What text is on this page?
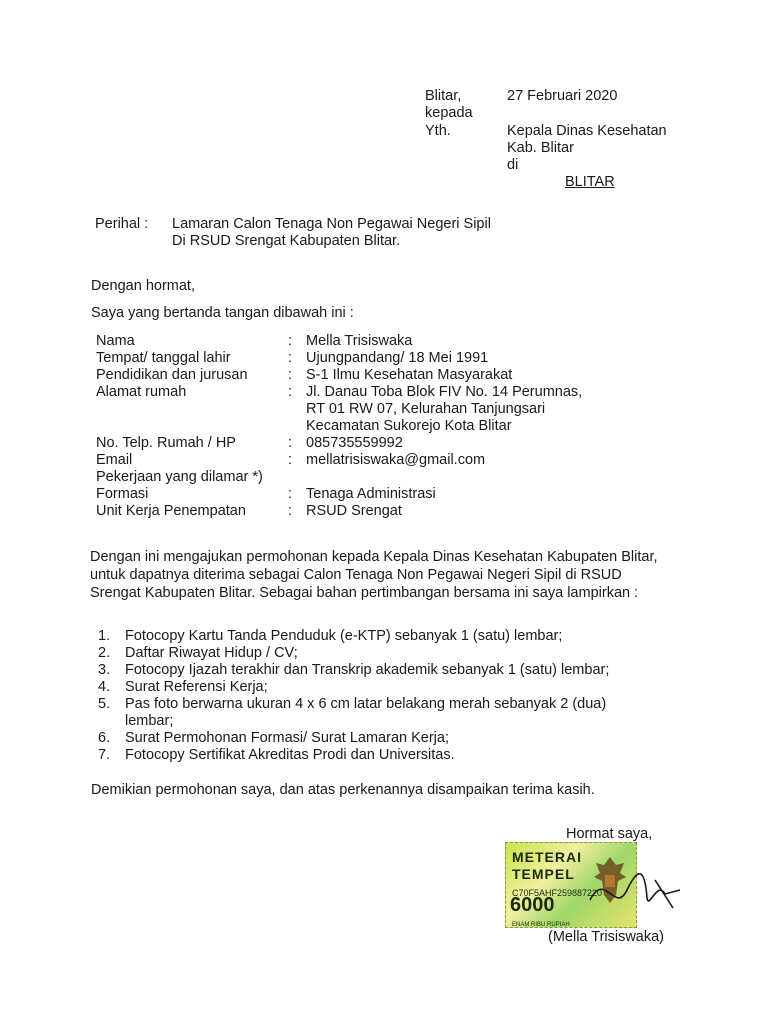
Blitar,	27 Februari 2020
kepada
Yth.	Kepala Dinas Kesehatan
Kab. Blitar
di
BLITAR
Perihal : Lamaran Calon Tenaga Non Pegawai Negeri Sipil
Di RSUD Srengat Kabupaten Blitar.
Dengan hormat,
Saya yang bertanda tangan dibawah ini :
Nama	: Mella Trisiswaka
Tempat/ tanggal lahir	: Ujungpandang/ 18 Mei 1991
Pendidikan dan jurusan	: S-1 Ilmu Kesehatan Masyarakat
Alamat rumah	: Jl. Danau Toba Blok FIV No. 14 Perumnas,
RT 01 RW 07, Kelurahan Tanjungsari
Kecamatan Sukorejo Kota Blitar
No. Telp. Rumah / HP	: 085735559992
Email	: mellatrisiswaka@gmail.com
Pekerjaan yang dilamar *)
Formasi	: Tenaga Administrasi
Unit Kerja Penempatan	: RSUD Srengat
Dengan ini mengajukan permohonan kepada Kepala Dinas Kesehatan Kabupaten Blitar, untuk dapatnya diterima sebagai Calon Tenaga Non Pegawai Negeri Sipil di RSUD Srengat Kabupaten Blitar. Sebagai bahan pertimbangan bersama ini saya lampirkan :
1. Fotocopy Kartu Tanda Penduduk (e-KTP) sebanyak 1 (satu) lembar;
2. Daftar Riwayat Hidup / CV;
3. Fotocopy Ijazah terakhir dan Transkrip akademik sebanyak 1 (satu) lembar;
4. Surat Referensi Kerja;
5. Pas foto berwarna ukuran 4 x 6 cm latar belakang merah sebanyak 2 (dua)
lembar;
6. Surat Permohonan Formasi/ Surat Lamaran Kerja;
7. Fotocopy Sertifikat Akreditas Prodi dan Universitas.
Demikian permohonan saya, dan atas perkenannya disampaikan terima kasih.
Hormat saya,
METERAI TEMPEL
C70F5AHF259887220
6000
ENAM RIBU RUPIAH
(Mella Trisiswaka)
